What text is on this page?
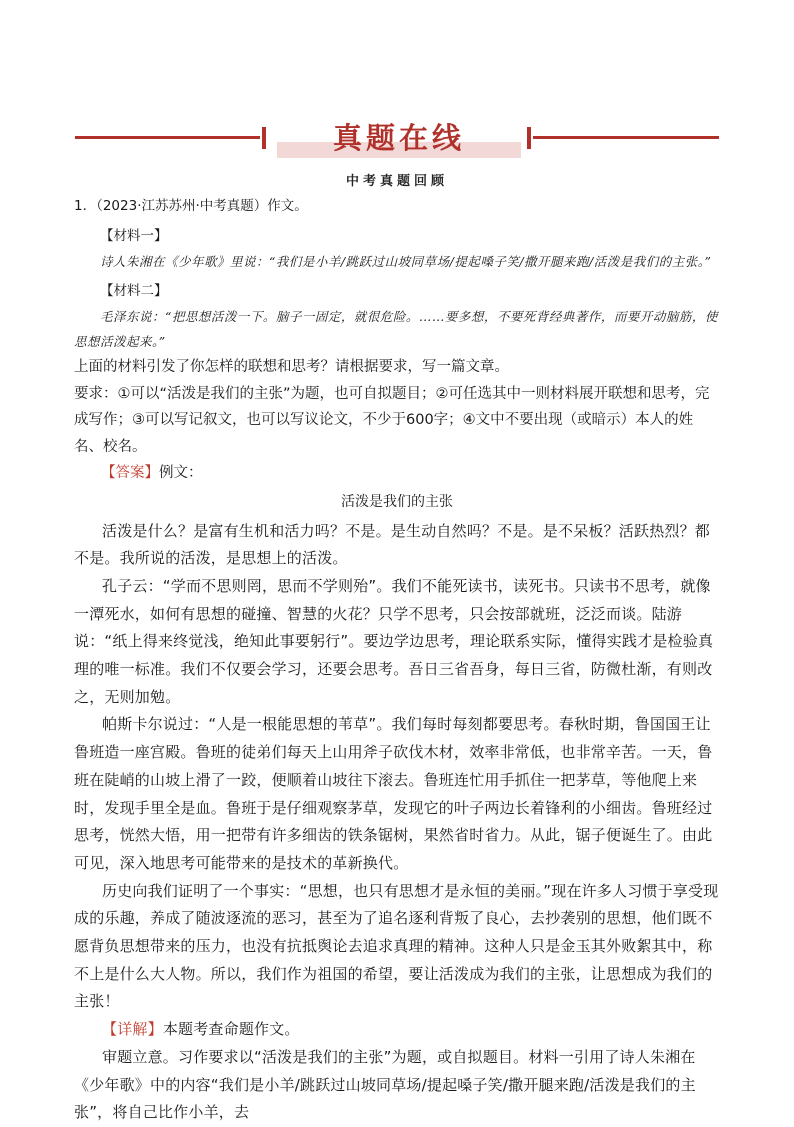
真题在线
中考真题回顾

1．（2023·江苏苏州·中考真题）作文。

【材料一】

诗人朱湘在《少年歌》里说：“我们是小羊/跳跃过山坡同草场/提起嗓子笑/撒开腿来跑/活泼是我们的主张。”

【材料二】

毛泽东说：“把思想活泼一下。脑子一固定，就很危险。……要多想，不要死背经典著作，而要开动脑筋，使思想活泼起来。”

上面的材料引发了你怎样的联想和思考？请根据要求，写一篇文章。

要求：①可以“活泼是我们的主张”为题，也可自拟题目；②可任选其中一则材料展开联想和思考，完成写作；③可以写记叙文，也可以写议论文，不少于600字；④文中不要出现（或暗示）本人的姓名、校名。

【答案】例文：

活泼是我们的主张

活泼是什么？是富有生机和活力吗？不是。是生动自然吗？不是。是不呆板？活跃热烈？都不是。我所说的活泼，是思想上的活泼。

孔子云：“学而不思则罔，思而不学则殆”。我们不能死读书，读死书。只读书不思考，就像一潭死水，如何有思想的碰撞、智慧的火花？只学不思考，只会按部就班，泛泛而谈。陆游说：“纸上得来终觉浅，绝知此事要躬行”。要边学边思考，理论联系实际，懂得实践才是检验真理的唯一标准。我们不仅要会学习，还要会思考。吾日三省吾身，每日三省，防微杜渐，有则改之，无则加勉。

帕斯卡尔说过：“人是一根能思想的苇草”。我们每时每刻都要思考。春秋时期，鲁国国王让鲁班造一座宫殿。鲁班的徒弟们每天上山用斧子砍伐木材，效率非常低，也非常辛苦。一天，鲁班在陡峭的山坡上滑了一跤，便顺着山坡往下滚去。鲁班连忙用手抓住一把茅草，等他爬上来时，发现手里全是血。鲁班于是仔细观察茅草，发现它的叶子两边长着锋利的小细齿。鲁班经过思考，恍然大悟，用一把带有许多细齿的铁条锯树，果然省时省力。从此，锯子便诞生了。由此可见，深入地思考可能带来的是技术的革新换代。

历史向我们证明了一个事实：“思想，也只有思想才是永恒的美丽。”现在许多人习惯于享受现成的乐趣，养成了随波逐流的恶习，甚至为了追名逐利背叛了良心，去抄袭别的思想，他们既不愿背负思想带来的压力，也没有抗抵舆论去追求真理的精神。这种人只是金玉其外败絮其中，称不上是什么大人物。所以，我们作为祖国的希望，要让活泼成为我们的主张，让思想成为我们的主张！

【详解】本题考查命题作文。

审题立意。习作要求以“活泼是我们的主张”为题，或自拟题目。材料一引用了诗人朱湘在《少年歌》中的内容“我们是小羊/跳跃过山坡同草场/提起嗓子笑/撒开腿来跑/活泼是我们的主张”，将自己比作小羊，去
